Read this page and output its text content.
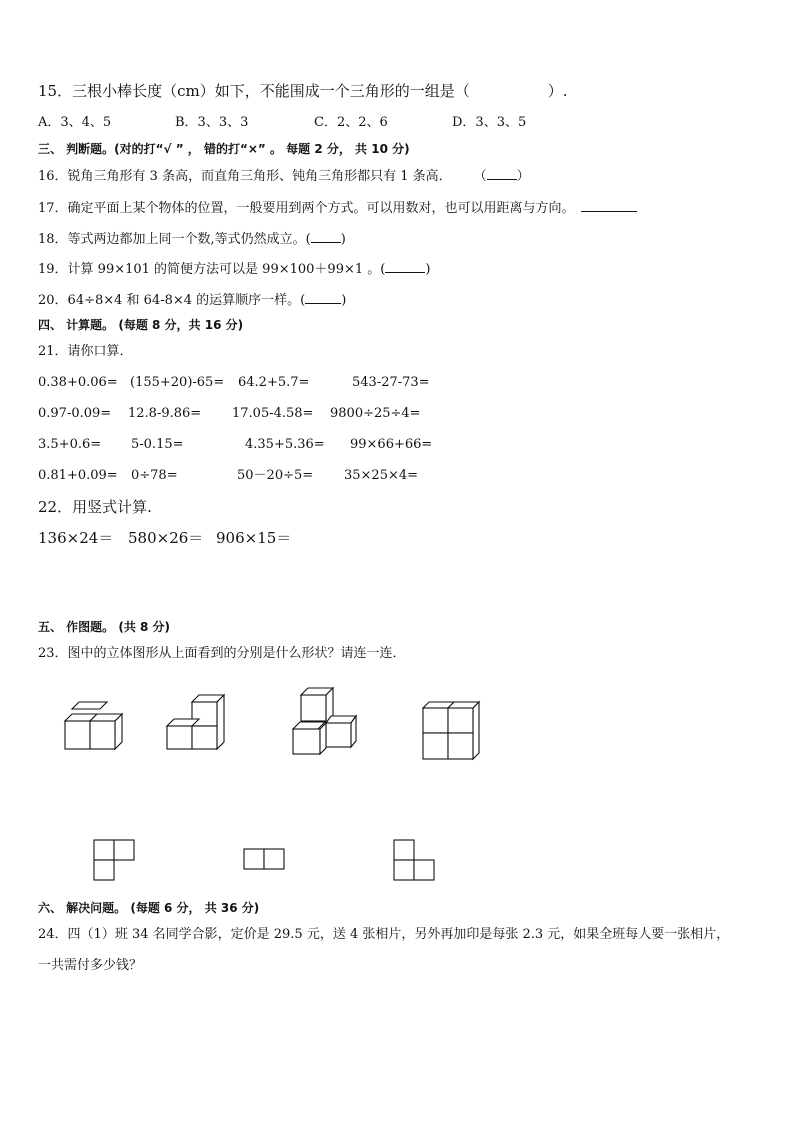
15．三根小棒长度（cm）如下，不能围成一个三角形的一组是（	）.
A．3、4、5	B．3、3、3	C．2、2、6	D．3、3、5
三、 判断题。(对的打“√ ” ， 错的打“×” 。 每题 2 分， 共 10 分)
16．锐角三角形有 3 条高，而直角三角形、钝角三角形都只有 1 条高． （ ）
17．确定平面上某个物体的位置，一般要用到两个方式。可以用数对，也可以用距离与方向。
18．等式两边都加上同一个数,等式仍然成立。( )
19．计算 99×101 的简便方法可以是 99×100＋99×1 。(	)
20．64÷8×4 和 64-8×4 的运算顺序一样。(	)
四、 计算题。 (每题 8 分，共 16 分)
21．请你口算．
0.38+0.06= (155+20)-65= 64.2+5.7=	543-27-73=
0.97-0.09= 12.8-9.86= 17.05-4.58= 9800÷25÷4=
3.5+0.6= 5-0.15=	4.35+5.36= 99×66+66=
0.81+0.09= 0÷78=	50－20÷5= 35×25×4=
22．用竖式计算.
136×24＝ 580×26＝ 906×15＝
五、 作图题。 (共 8 分)
23．图中的立体图形从上面看到的分别是什么形状？请连一连．
六、 解决问题。 (每题 6 分， 共 36 分)
24．四（1）班 34 名同学合影，定价是 29.5 元，送 4 张相片，另外再加印是每张 2.3 元，如果全班每人要一张相片，
一共需付多少钱？
